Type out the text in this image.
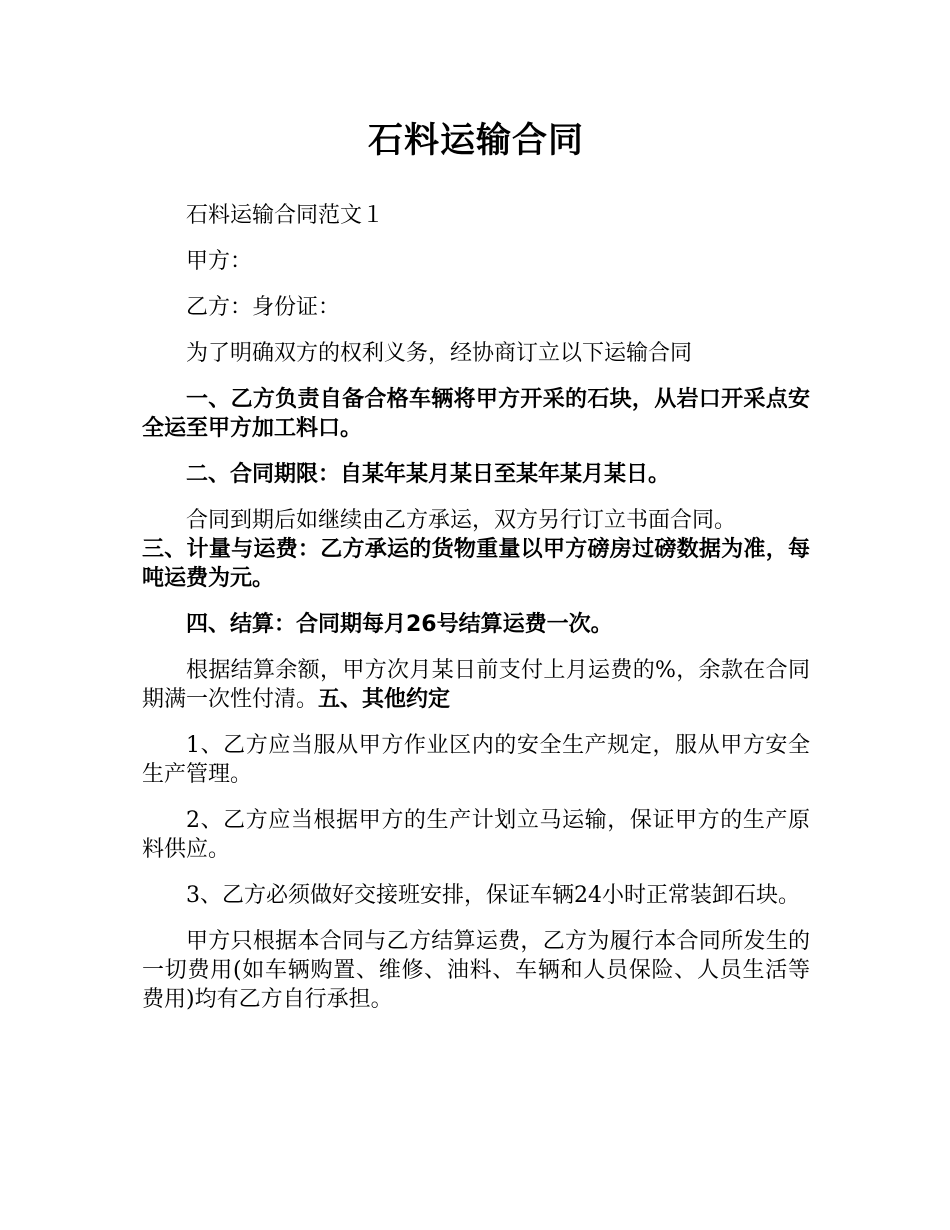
石料运输合同

石料运输合同范文１

甲方：

乙方：身份证：

为了明确双方的权利义务，经协商订立以下运输合同

一、乙方负责自备合格车辆将甲方开采的石块，从岩口开采点安全运至甲方加工料口。

二、合同期限：自某年某月某日至某年某月某日。

合同到期后如继续由乙方承运，双方另行订立书面合同。

三、计量与运费：乙方承运的货物重量以甲方磅房过磅数据为准，每吨运费为元。

四、结算：合同期每月26号结算运费一次。

根据结算余额，甲方次月某日前支付上月运费的%，余款在合同期满一次性付清。五、其他约定

1、乙方应当服从甲方作业区内的安全生产规定，服从甲方安全生产管理。

2、乙方应当根据甲方的生产计划立马运输，保证甲方的生产原料供应。

3、乙方必须做好交接班安排，保证车辆24小时正常装卸石块。

甲方只根据本合同与乙方结算运费，乙方为履行本合同所发生的一切费用(如车辆购置、维修、油料、车辆和人员保险、人员生活等费用)均有乙方自行承担。
